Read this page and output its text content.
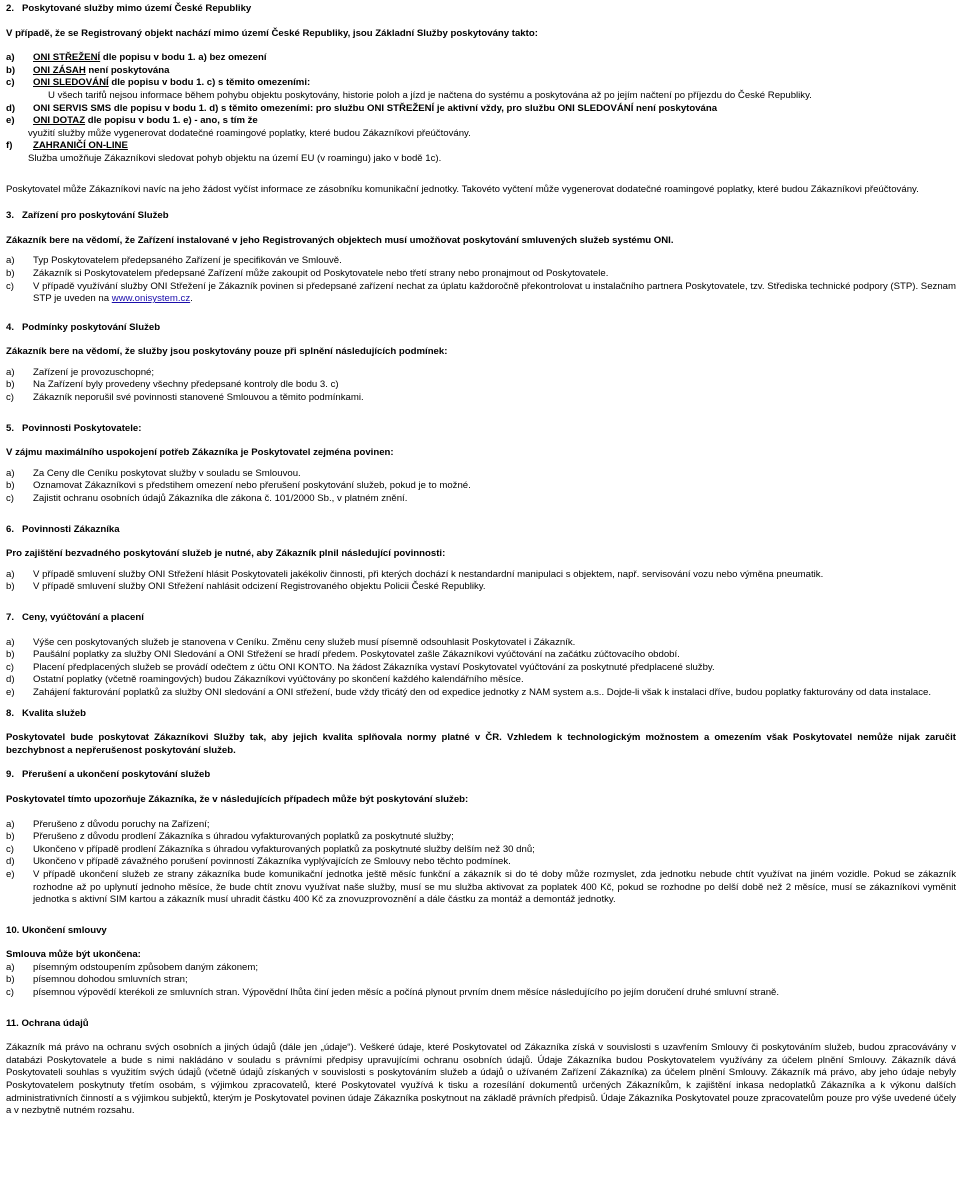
2.   Poskytované služby mimo území České Republiky
V případě, že se Registrovaný objekt nachází mimo území České Republiky, jsou Základní Služby poskytovány takto:
a)	ONI STŘEŽENÍ dle popisu v bodu 1. a) bez omezení
b)	ONI ZÁSAH není poskytována
c)	ONI SLEDOVÁNÍ dle popisu v bodu 1. c) s těmito omezeními:
U všech tarifů nejsou informace během pohybu objektu poskytovány, historie poloh a jízd je načtena do systému a poskytována až po jejím načtení po příjezdu do České Republiky.
d)	ONI SERVIS SMS dle popisu v bodu 1. d) s těmito omezeními: pro službu ONI STŘEŽENÍ je aktivní vždy, pro službu ONI SLEDOVÁNÍ není poskytována
e)	ONI DOTAZ dle popisu v bodu 1. e) - ano, s tím že
využití služby může vygenerovat dodatečné roamingové poplatky, které budou Zákazníkovi přeúčtovány.
f)	ZAHRANIČÍ ON-LINE
Služba umožňuje Zákazníkovi sledovat pohyb objektu na území EU (v roamingu) jako v bodě 1c).
Poskytovatel může Zákazníkovi navíc na jeho žádost vyčíst informace ze zásobníku komunikační jednotky. Takovéto vyčtení může vygenerovat dodatečné roamingové poplatky, které budou Zákazníkovi přeúčtovány.
3.   Zařízení pro poskytování Služeb
Zákazník bere na vědomí, že Zařízení instalované v jeho Registrovaných objektech musí umožňovat poskytování smluvených služeb systému ONI.
a)	Typ Poskytovatelem předepsaného Zařízení je specifikován ve Smlouvě.
b)	Zákazník si Poskytovatelem předepsané Zařízení může zakoupit od Poskytovatele nebo třetí strany nebo pronajmout od Poskytovatele.
c)	V případě využívání služby ONI Střežení je Zákazník povinen si předepsané zařízení nechat za úplatu každoročně překontrolovat u instalačního partnera Poskytovatele, tzv. Střediska technické podpory (STP). Seznam STP je uveden na www.onisystem.cz.
4.   Podmínky poskytování Služeb
Zákazník bere na vědomí, že služby jsou poskytovány pouze při splnění následujících podmínek:
a)	Zařízení je provozuschopné;
b)	Na Zařízení byly provedeny všechny předepsané kontroly dle bodu 3. c)
c)	Zákazník neporušil své povinnosti stanovené Smlouvou a těmito podmínkami.
5.   Povinnosti Poskytovatele:
V zájmu maximálního uspokojení potřeb Zákazníka je Poskytovatel zejména povinen:
a)	Za Ceny dle Ceníku poskytovat služby v souladu se Smlouvou.
b)	Oznamovat Zákazníkovi s předstihem omezení nebo přerušení poskytování služeb, pokud je to možné.
c)	Zajistit ochranu osobních údajů Zákazníka dle zákona č. 101/2000 Sb., v platném znění.
6.   Povinnosti Zákazníka
Pro zajištění bezvadného poskytování služeb je nutné, aby Zákazník plnil následující povinnosti:
a)	V případě smluvení služby ONI Střežení hlásit Poskytovateli jakékoliv činnosti, při kterých dochází k nestandardní manipulaci s objektem, např. servisování vozu nebo výměna pneumatik.
b)	V případě smluvení služby ONI Střežení nahlásit odcizení Registrovaného objektu Policii České Republiky.
7.   Ceny, vyúčtování a placení
a)	Výše cen poskytovaných služeb je stanovena v Ceníku. Změnu ceny služeb musí písemně odsouhlasit Poskytovatel i Zákazník.
b)	Paušální poplatky za služby ONI Sledování a ONI Střežení se hradí předem. Poskytovatel zašle Zákazníkovi vyúčtování na začátku zúčtovacího období.
c)	Placení předplacených služeb se provádí odečtem z účtu ONI KONTO. Na žádost Zákazníka vystaví Poskytovatel vyúčtování za poskytnuté předplacené služby.
d)	Ostatní poplatky (včetně roamingových) budou Zákazníkovi vyúčtovány po skončení každého kalendářního měsíce.
e)	Zahájení fakturování poplatků za služby ONI sledování a ONI střežení, bude vždy třicátý den od expedice jednotky z NAM system a.s.. Dojde-li však k instalaci dříve, budou poplatky fakturovány od data instalace.
8.   Kvalita služeb
Poskytovatel bude poskytovat Zákazníkovi Služby tak, aby jejich kvalita splňovala normy platné v ČR. Vzhledem k technologickým možnostem a omezením však Poskytovatel nemůže nijak zaručit bezchybnost a nepřerušenost poskytování služeb.
9.   Přerušení a ukončení poskytování služeb
Poskytovatel tímto upozorňuje Zákazníka, že v následujících případech může být poskytování služeb:
a)	Přerušeno z důvodu poruchy na Zařízení;
b)	Přerušeno z důvodu prodlení Zákazníka s úhradou vyfakturovaných poplatků za poskytnuté služby;
c)	Ukončeno v případě prodlení Zákazníka s úhradou vyfakturovaných poplatků za poskytnuté služby delším než 30 dnů;
d)	Ukončeno v případě závažného porušení povinností Zákazníka vyplývajících ze Smlouvy nebo těchto podmínek.
e)	V případě ukončení služeb ze strany zákazníka bude komunikační jednotka ještě měsíc funkční a zákazník si do té doby může rozmyslet, zda jednotku nebude chtít využívat na jiném vozidle. Pokud se zákazník rozhodne až po uplynutí jednoho měsíce, že bude chtít znovu využívat naše služby, musí se mu služba aktivovat za poplatek 400 Kč, pokud se rozhodne po delší době než 2 měsíce, musí se zákazníkovi vyměnit jednotka s aktivní SIM kartou a zákazník musí uhradit částku 400 Kč za znovuzprovoznění a dále částku za montáž a demontáž jednotky.
10. Ukončení smlouvy
Smlouva může být ukončena:
a)	písemným odstoupením způsobem daným zákonem;
b)	písemnou dohodou smluvních stran;
c)	písemnou výpovědí kterékoli ze smluvních stran. Výpovědní lhůta činí jeden měsíc a počíná plynout prvním dnem měsíce následujícího po jejím doručení druhé smluvní straně.
11. Ochrana údajů
Zákazník má právo na ochranu svých osobních a jiných údajů (dále jen „údaje“). Veškeré údaje, které Poskytovatel od Zákazníka získá v souvislosti s uzavřením Smlouvy či poskytováním služeb, budou zpracovávány v databázi Poskytovatele a bude s nimi nakládáno v souladu s právními předpisy upravujícími ochranu osobních údajů. Údaje Zákazníka budou Poskytovatelem využívány za účelem plnění Smlouvy. Zákazník dává Poskytovateli souhlas s využitím svých údajů (včetně údajů získaných v souvislosti s poskytováním služeb a údajů o užívaném Zařízení Zákazníka) za účelem plnění Smlouvy. Zákazník má právo, aby jeho údaje nebyly Poskytovatelem poskytnuty třetím osobám, s výjimkou zpracovatelů, které Poskytovatel využívá k tisku a rozesílání dokumentů určených Zákazníkům, k zajištění inkasa nedoplatků Zákazníka a k výkonu dalších administrativních činností a s výjimkou subjektů, kterým je Poskytovatel povinen údaje Zákazníka poskytnout na základě právních předpisů. Údaje Zákazníka Poskytovatel pouze zpracovatelům pouze pro výše uvedené účely a v nezbytně nutném rozsahu.
